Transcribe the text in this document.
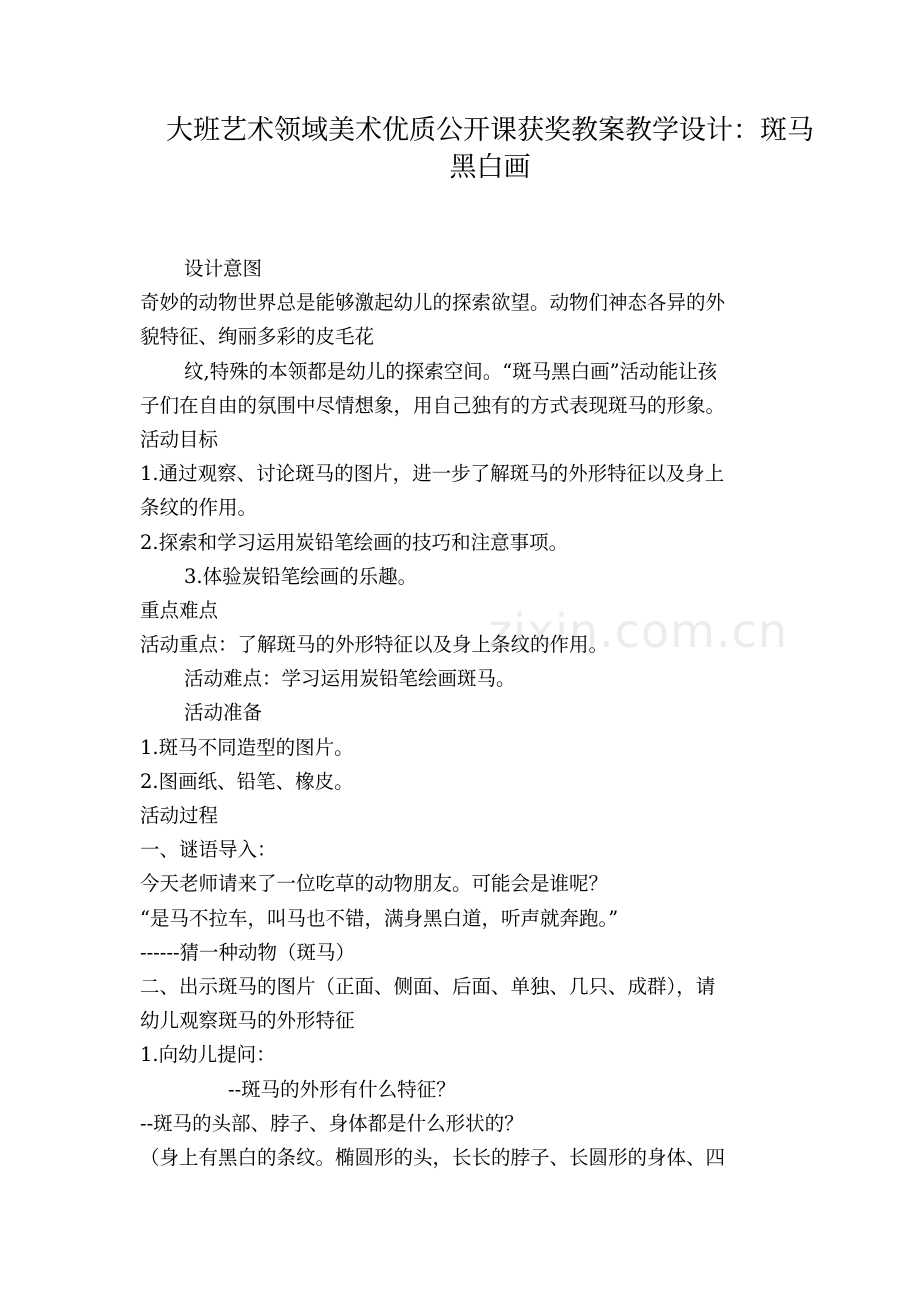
大班艺术领域美术优质公开课获奖教案教学设计：斑马
黑白画
zixin.com.cn
设计意图
奇妙的动物世界总是能够激起幼儿的探索欲望。动物们神态各异的外
貌特征、绚丽多彩的皮毛花
纹,特殊的本领都是幼儿的探索空间。“斑马黑白画”活动能让孩
子们在自由的氛围中尽情想象，用自己独有的方式表现斑马的形象。
活动目标
1.通过观察、讨论斑马的图片，进一步了解斑马的外形特征以及身上
条纹的作用。
2.探索和学习运用炭铅笔绘画的技巧和注意事项。
3.体验炭铅笔绘画的乐趣。
重点难点
活动重点：了解斑马的外形特征以及身上条纹的作用。
活动难点：学习运用炭铅笔绘画斑马。
活动准备
1.斑马不同造型的图片。
2.图画纸、铅笔、橡皮。
活动过程
一、谜语导入：
今天老师请来了一位吃草的动物朋友。可能会是谁呢？
“是马不拉车，叫马也不错，满身黑白道，听声就奔跑。”
------猜一种动物（斑马）
二、出示斑马的图片（正面、侧面、后面、单独、几只、成群），请
幼儿观察斑马的外形特征
1.向幼儿提问：
--斑马的外形有什么特征？
--斑马的头部、脖子、身体都是什么形状的？
（身上有黑白的条纹。椭圆形的头，长长的脖子、长圆形的身体、四
